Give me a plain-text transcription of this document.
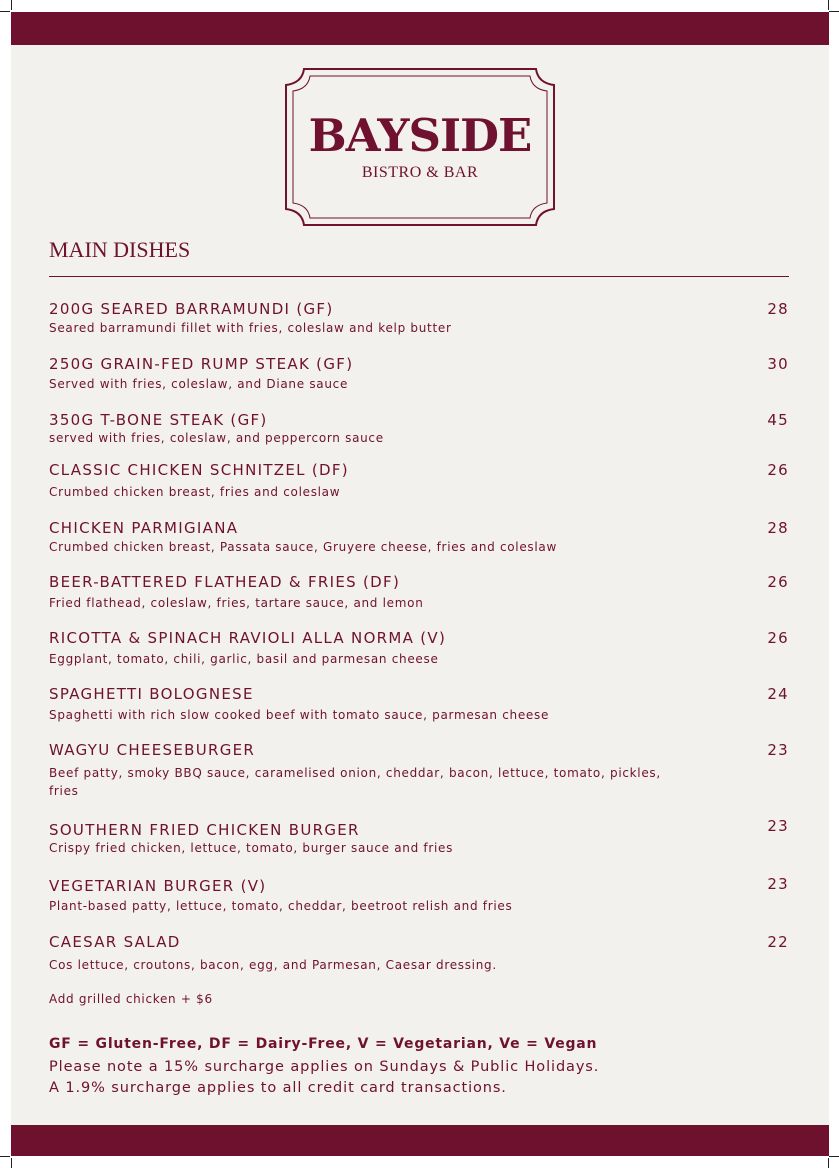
BAYSIDE
BISTRO & BAR
MAIN DISHES
200G SEARED BARRAMUNDI (GF)
Seared barramundi fillet with fries, coleslaw and kelp butter
28
250G GRAIN-FED RUMP STEAK (GF)
Served with fries, coleslaw, and Diane sauce
30
350G T-BONE STEAK (GF)
served with fries, coleslaw, and peppercorn sauce
45
CLASSIC CHICKEN SCHNITZEL (DF)
Crumbed chicken breast, fries and coleslaw
26
CHICKEN PARMIGIANA
Crumbed chicken breast, Passata sauce, Gruyere cheese, fries and coleslaw
28
BEER-BATTERED FLATHEAD & FRIES (DF)
Fried flathead, coleslaw, fries, tartare sauce, and lemon
26
RICOTTA & SPINACH RAVIOLI ALLA NORMA (V)
Eggplant, tomato, chili, garlic, basil and parmesan cheese
26
SPAGHETTI BOLOGNESE
Spaghetti with rich slow cooked beef with tomato sauce, parmesan cheese
24
WAGYU CHEESEBURGER
Beef patty, smoky BBQ sauce, caramelised onion, cheddar, bacon, lettuce, tomato, pickles, fries
23
SOUTHERN FRIED CHICKEN BURGER
Crispy fried chicken, lettuce, tomato, burger sauce and fries
23
VEGETARIAN BURGER (V)
Plant-based patty, lettuce, tomato, cheddar, beetroot relish and fries
23
CAESAR SALAD
Cos lettuce, croutons, bacon, egg, and Parmesan, Caesar dressing.
22
Add grilled chicken + $6
GF = Gluten-Free, DF = Dairy-Free, V = Vegetarian, Ve = Vegan
Please note a 15% surcharge applies on Sundays & Public Holidays.
A 1.9% surcharge applies to all credit card transactions.
